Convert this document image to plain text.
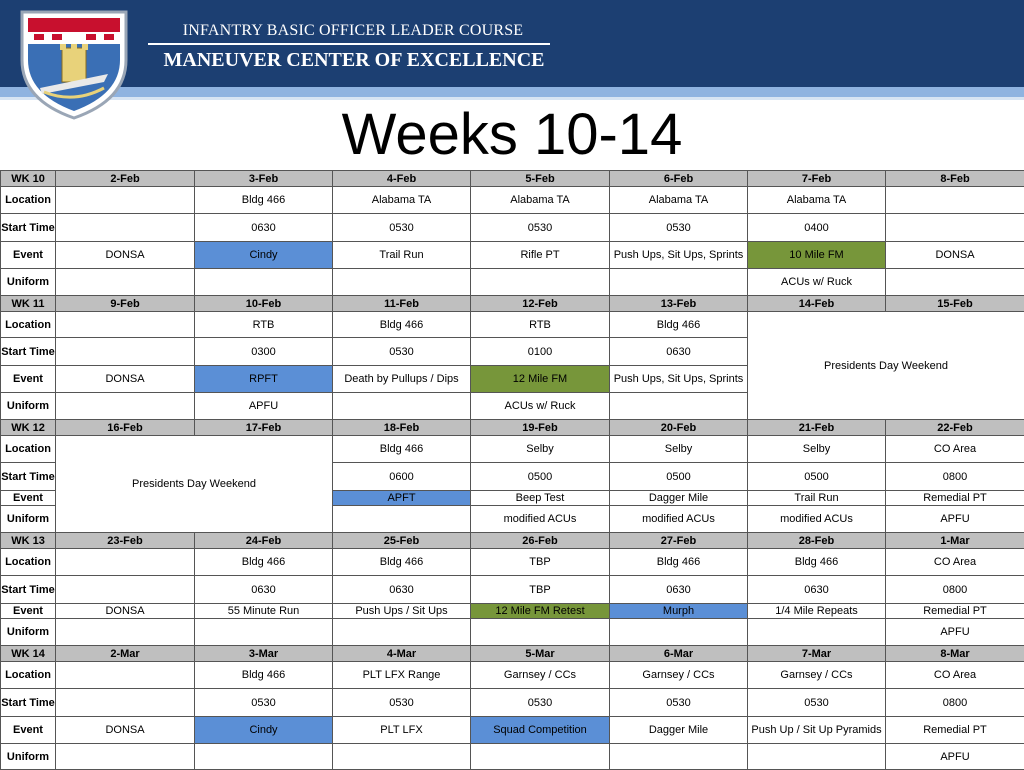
INFANTRY BASIC OFFICER LEADER COURSE
MANEUVER CENTER OF EXCELLENCE
Weeks 10-14
WK 10	2-Feb	3-Feb	4-Feb	5-Feb	6-Feb	7-Feb	8-Feb
Location		Bldg 466	Alabama TA	Alabama TA	Alabama TA	Alabama TA	
Start Time		0630	0530	0530	0530	0400	
Event	DONSA	Cindy	Trail Run	Rifle PT	Push Ups, Sit Ups, Sprints	10 Mile FM	DONSA
Uniform						ACUs w/ Ruck	
WK 11	9-Feb	10-Feb	11-Feb	12-Feb	13-Feb	14-Feb	15-Feb
Location		RTB	Bldg 466	RTB	Bldg 466	Presidents Day Weekend	
Start Time		0300	0530	0100	0630		
Event	DONSA	RPFT	Death by Pullups / Dips	12 Mile FM	Push Ups, Sit Ups, Sprints		
Uniform		APFU		ACUs w/ Ruck			
WK 12	16-Feb	17-Feb	18-Feb	19-Feb	20-Feb	21-Feb	22-Feb
Location	Presidents Day Weekend		Bldg 466	Selby	Selby	Selby	CO Area
Start Time			0600	0500	0500	0500	0800
Event			APFT	Beep Test	Dagger Mile	Trail Run	Remedial PT
Uniform				modified ACUs	modified ACUs	modified ACUs	APFU
WK 13	23-Feb	24-Feb	25-Feb	26-Feb	27-Feb	28-Feb	1-Mar
Location		Bldg 466	Bldg 466	TBP	Bldg 466	Bldg 466	CO Area
Start Time		0630	0630	TBP	0630	0630	0800
Event	DONSA	55 Minute Run	Push Ups / Sit Ups	12 Mile FM Retest	Murph	1/4 Mile Repeats	Remedial PT
Uniform							APFU
WK 14	2-Mar	3-Mar	4-Mar	5-Mar	6-Mar	7-Mar	8-Mar
Location		Bldg 466	PLT LFX Range	Garnsey / CCs	Garnsey / CCs	Garnsey / CCs	CO Area
Start Time		0530	0530	0530	0530	0530	0800
Event	DONSA	Cindy	PLT LFX	Squad Competition	Dagger Mile	Push Up / Sit Up Pyramids	Remedial PT
Uniform							APFU
